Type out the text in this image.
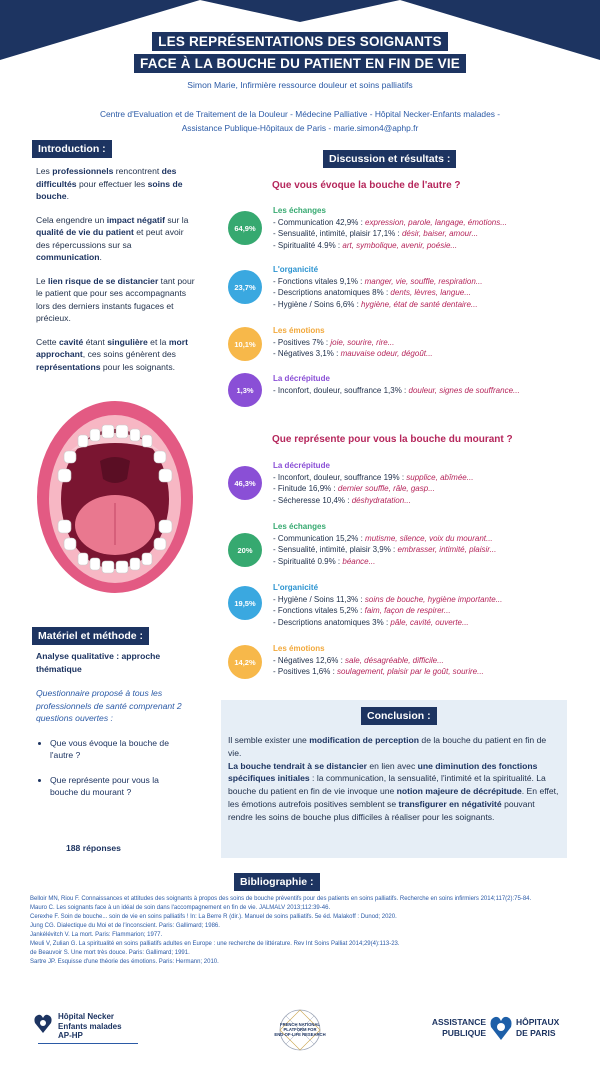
LES REPRÉSENTATIONS DES SOIGNANTS
FACE À LA BOUCHE DU PATIENT EN FIN DE VIE
Simon Marie, Infirmière ressource douleur et soins palliatifs
Centre d'Evaluation et de Traitement de la Douleur - Médecine Palliative - Hôpital Necker-Enfants malades -
Assistance Publique-Hôpitaux de Paris - marie.simon4@aphp.fr
Introduction :

Les professionnels rencontrent des difficultés pour effectuer les soins de bouche.

Cela engendre un impact négatif sur la qualité de vie du patient et peut avoir des répercussions sur sa communication.

Le lien risque de se distancier tant pour le patient que pour ses accompagnants lors des derniers instants fugaces et précieux.

Cette cavité étant singulière et la mort approchant, ces soins génèrent des représentations pour les soignants.

Matériel et méthode :
Analyse qualitative : approche thématique
Questionnaire proposé à tous les professionnels de santé comprenant 2 questions ouvertes :
• Que vous évoque la bouche de l'autre ?
• Que représente pour vous la bouche du mourant ?
188 réponses
Discussion et résultats :
Que vous évoque la bouche de l'autre ?
64,9%
Les échanges
- Communication 42,9% : expression, parole, langage, émotions...
- Sensualité, intimité, plaisir 17,1% : désir, baiser, amour...
- Spiritualité 4.9% : art, symbolique, avenir, poésie...
23,7%
L'organicité
- Fonctions vitales 9,1% : manger, vie, souffle, respiration...
- Descriptions anatomiques 8% : dents, lèvres, langue...
- Hygiène / Soins 6,6% : hygiène, état de santé dentaire...
10,1%
Les émotions
- Positives 7% : joie, sourire, rire...
- Négatives 3,1% : mauvaise odeur, dégoût...
1,3%
La décrépitude
- Inconfort, douleur, souffrance 1,3% : douleur, signes de souffrance...
Que représente pour vous la bouche du mourant ?
46,3%
La décrépitude
- Inconfort, douleur, souffrance 19% : supplice, abîmée...
- Finitude 16,9% : dernier souffle, râle, gasp...
- Sécheresse 10,4% : déshydratation...
20%
Les échanges
- Communication 15,2% : mutisme, silence, voix du mourant...
- Sensualité, intimité, plaisir 3,9% : embrasser, intimité, plaisir...
- Spiritualité 0.9% : béance...
19,5%
L'organicité
- Hygiène / Soins 11,3% : soins de bouche, hygiène importante...
- Fonctions vitales 5,2% : faim, façon de respirer...
- Descriptions anatomiques 3% : pâle, cavité, ouverte...
14,2%
Les émotions
- Négatives 12,6% : sale, désagréable, difficile...
- Positives 1,6% : soulagement, plaisir par le goût, sourire...
Conclusion :
Il semble exister une modification de perception de la bouche du patient en fin de vie.
La bouche tendrait à se distancier en lien avec une diminution des fonctions spécifiques initiales : la communication, la sensualité, l'intimité et la spiritualité. La bouche du patient en fin de vie invoque une notion majeure de décrépitude. En effet, les émotions autrefois positives semblent se transfigurer en négativité pouvant rendre les soins de bouche plus difficiles à réaliser pour les soignants.
Bibliographie :
Belloir MN, Riou F. Connaissances et attitudes des soignants à propos des soins de bouche préventifs pour des patients en soins palliatifs. Recherche en soins infirmiers 2014;117(2):75-84.
Mauro C. Les soignants face à un idéal de soin dans l'accompagnement en fin de vie. JALMALV 2013;112:39-46.
Cerexhe F. Soin de bouche... soin de vie en soins palliatifs ! In: La Berre R (dir.). Manuel de soins palliatifs. 5e éd. Malakoff : Dunod; 2020.
Jung CG. Dialectique du Moi et de l'inconscient. Paris: Gallimard; 1986.
Jankélévitch V. La mort. Paris: Flammarion; 1977.
Meuli V, Zulian G. La spiritualité en soins palliatifs adultes en Europe : une recherche de littérature. Rev Int Soins Palliat 2014;29(4):113-23.
de Beauvoir S. Une mort très douce. Paris: Gallimard; 1991.
Sartre JP. Esquisse d'une théorie des émotions. Paris: Hermann; 2010.
Hôpital Necker
Enfants malades
AP-HP
FRENCH NATIONAL
PLATFORM FOR
END-OF-LIFE RESEARCH
ASSISTANCE
PUBLIQUE
HÔPITAUX
DE PARIS
